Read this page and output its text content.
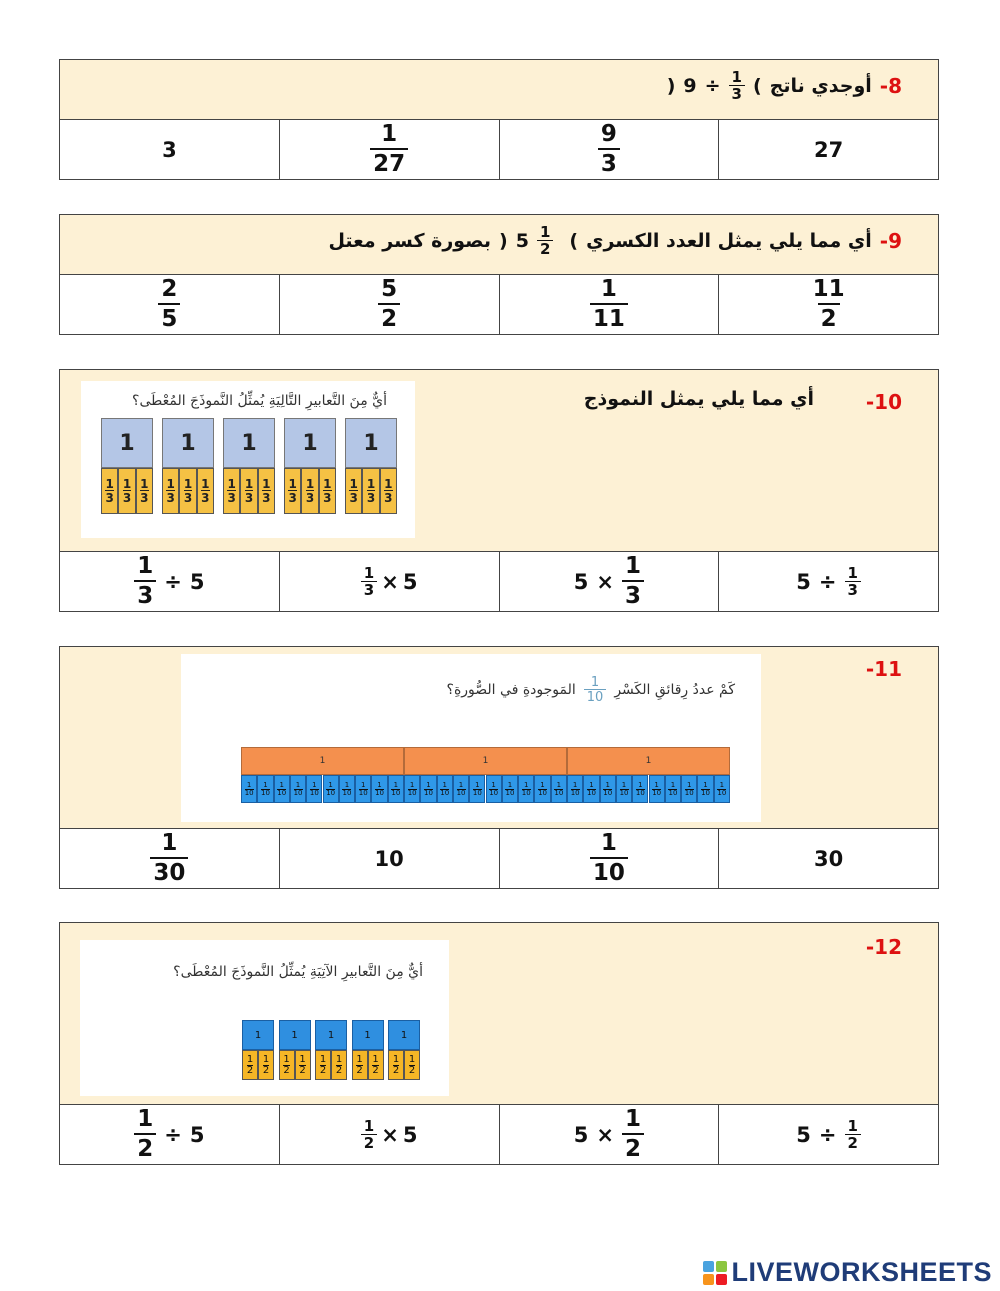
) $9 \div \frac{1}{3}$ ( أوجدي ناتج -8
3	$\frac{1}{27}$	$\frac{9}{3}$	27
بصورة كسر معتل ) $5 \frac{1}{2}$ ( أي مما يلي يمثل العدد الكسري -9
$\frac{2}{5}$	$\frac{5}{2}$	$\frac{1}{11}$	$\frac{11}{2}$
-10
أي مما يلي يمثل النموذج
أيٌّ مِنَ التَّعابيرِ التَّالِيَةِ يُمثِّلُ النَّموذَجَ المُعْطَى؟
1
1
3
1
3
1
3
1
1
3
1
3
1
3
1
1
3
1
3
1
3
1
1
3
1
3
1
3
1
1
3
1
3
1
3
$\frac{1}{3} \div 5$	$\frac{1}{3} \times 5$	$5 \times \frac{1}{3}$	$5 \div \frac{1}{3}$
-11
كَمْ عددُ رِقائقِ الكَسْرِ
$\frac{1}{10}$
المَوجودةِ في الصُّورةِ؟
1
1
10
1
10
1
10
1
10
1
10
1
10
1
10
1
10
1
10
1
10
1
1
10
1
10
1
10
1
10
1
10
1
10
1
10
1
10
1
10
1
10
1
1
10
1
10
1
10
1
10
1
10
1
10
1
10
1
10
1
10
1
10
$\frac{1}{30}$	10	$\frac{1}{10}$	30
-12
أيٌّ مِنَ التَّعابيرِ الآتِيَةِ يُمثِّلُ النَّموذَجَ المُعْطَى؟
1
1
2
1
2
1
1
2
1
2
1
1
2
1
2
1
1
2
1
2
1
1
2
1
2
$\frac{1}{2} \div 5$	$\frac{1}{2} \times 5$	$5 \times \frac{1}{2}$	$5 \div \frac{1}{2}$
LIVEWORKSHEETS
